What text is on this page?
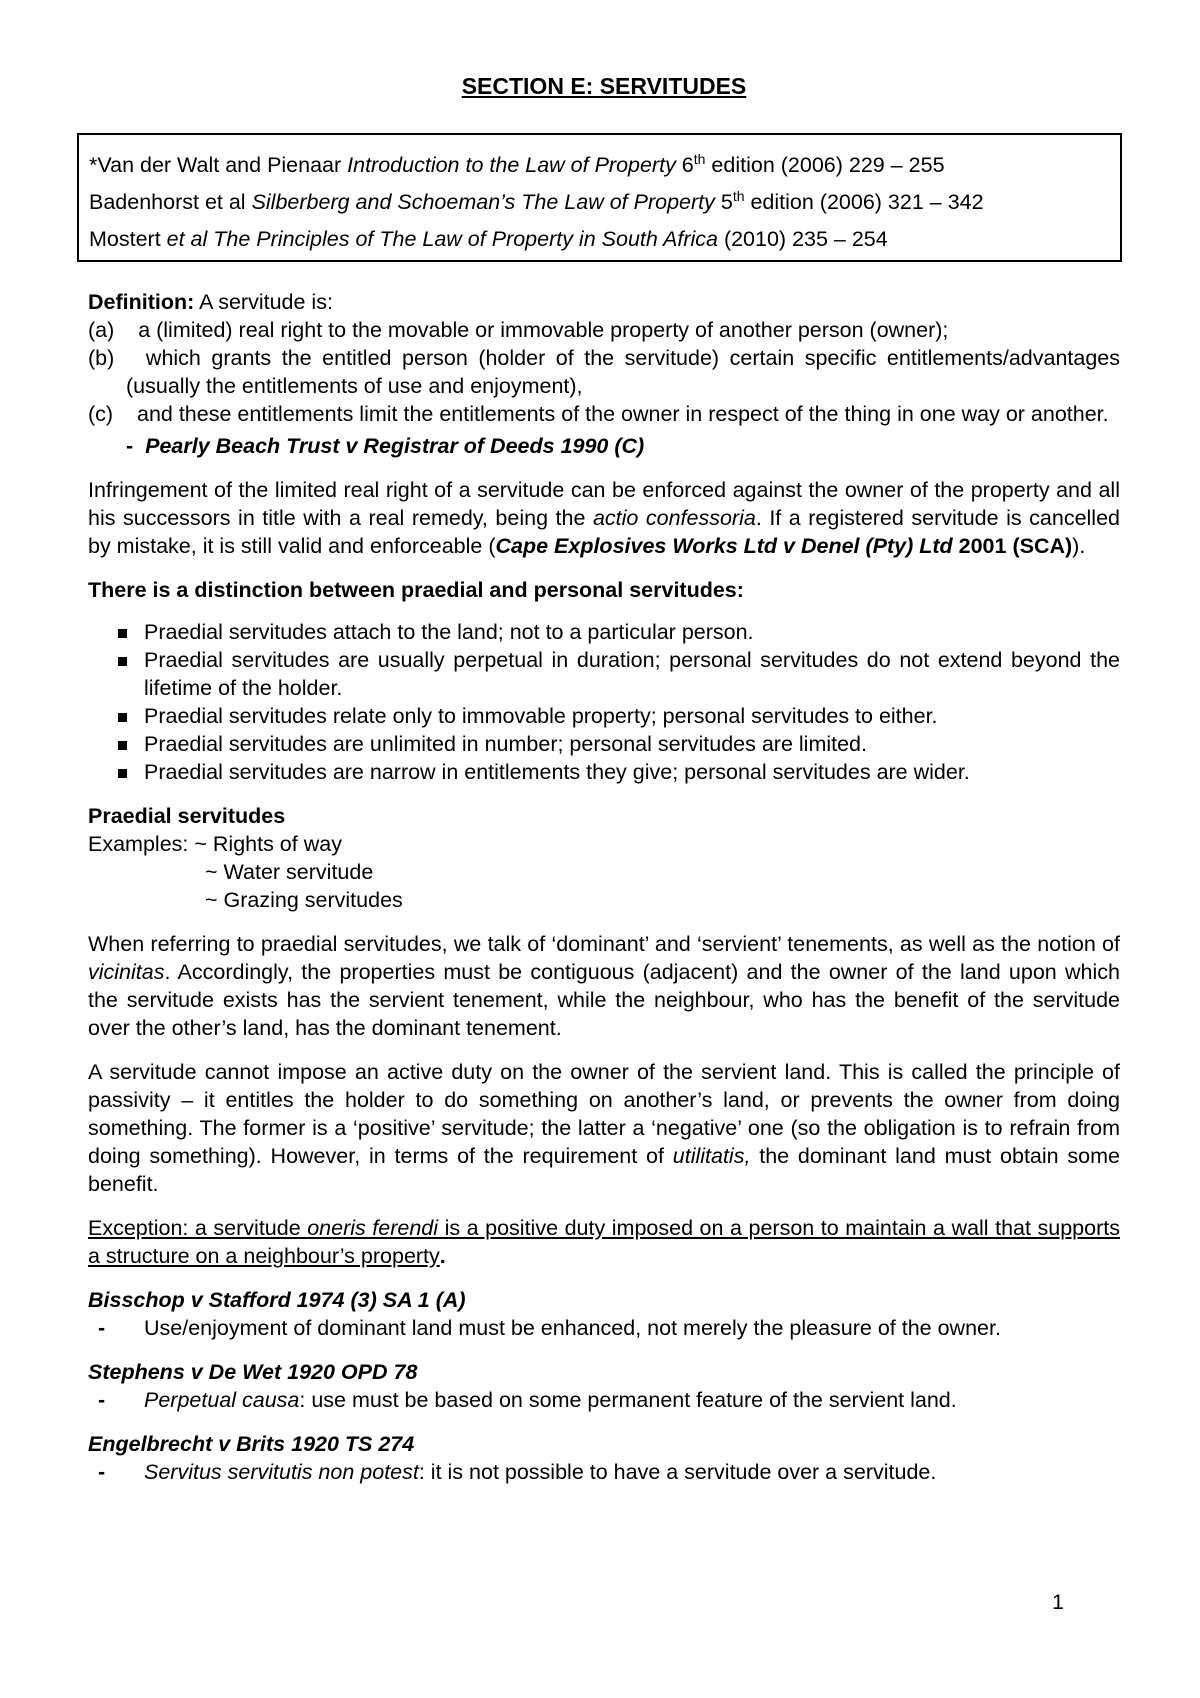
SECTION E: SERVITUDES

*Van der Walt and Pienaar Introduction to the Law of Property 6th edition (2006) 229 – 255

Badenhorst et al Silberberg and Schoeman’s The Law of Property 5th edition (2006) 321 – 342

Mostert et al The Principles of The Law of Property in South Africa (2010) 235 – 254

Definition: A servitude is:

(a) a (limited) real right to the movable or immovable property of another person (owner);
(b) which grants the entitled person (holder of the servitude) certain specific entitlements/advantages (usually the entitlements of use and enjoyment),
(c) and these entitlements limit the entitlements of the owner in respect of the thing in one way or another.

- Pearly Beach Trust v Registrar of Deeds 1990 (C)

Infringement of the limited real right of a servitude can be enforced against the owner of the property and all his successors in title with a real remedy, being the actio confessoria. If a registered servitude is cancelled by mistake, it is still valid and enforceable (Cape Explosives Works Ltd v Denel (Pty) Ltd 2001 (SCA)).

There is a distinction between praedial and personal servitudes:

Praedial servitudes attach to the land; not to a particular person.
Praedial servitudes are usually perpetual in duration; personal servitudes do not extend beyond the lifetime of the holder.
Praedial servitudes relate only to immovable property; personal servitudes to either.
Praedial servitudes are unlimited in number; personal servitudes are limited.
Praedial servitudes are narrow in entitlements they give; personal servitudes are wider.

Praedial servitudes

Examples: ~ Rights of way

~ Water servitude

~ Grazing servitudes

When referring to praedial servitudes, we talk of ‘dominant’ and ‘servient’ tenements, as well as the notion of vicinitas. Accordingly, the properties must be contiguous (adjacent) and the owner of the land upon which the servitude exists has the servient tenement, while the neighbour, who has the benefit of the servitude over the other’s land, has the dominant tenement.

A servitude cannot impose an active duty on the owner of the servient land. This is called the principle of passivity – it entitles the holder to do something on another’s land, or prevents the owner from doing something. The former is a ‘positive’ servitude; the latter a ‘negative’ one (so the obligation is to refrain from doing something). However, in terms of the requirement of utilitatis, the dominant land must obtain some benefit.

Exception: a servitude oneris ferendi is a positive duty imposed on a person to maintain a wall that supports a structure on a neighbour’s property.

Bisschop v Stafford 1974 (3) SA 1 (A)

-	Use/enjoyment of dominant land must be enhanced, not merely the pleasure of the owner.

Stephens v De Wet 1920 OPD 78

-	Perpetual causa: use must be based on some permanent feature of the servient land.

Engelbrecht v Brits 1920 TS 274

-	Servitus servitutis non potest: it is not possible to have a servitude over a servitude.
1
